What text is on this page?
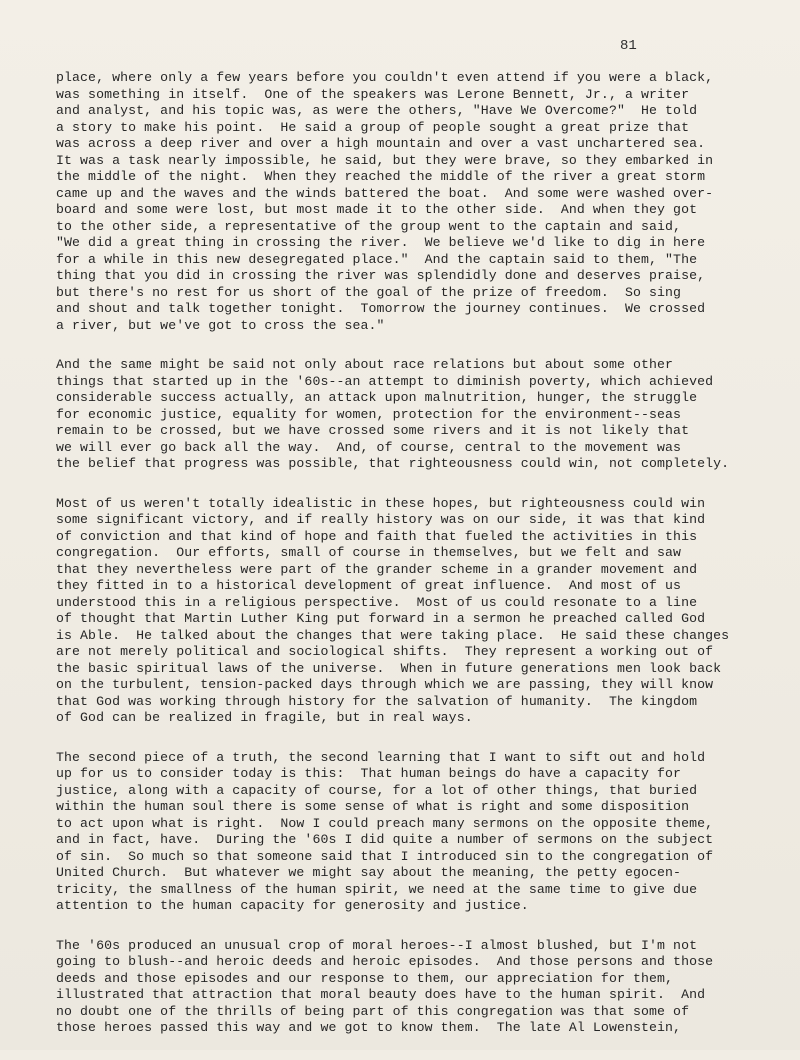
81
place, where only a few years before you couldn't even attend if you were a black,
was something in itself.  One of the speakers was Lerone Bennett, Jr., a writer
and analyst, and his topic was, as were the others, "Have We Overcome?"  He told
a story to make his point.  He said a group of people sought a great prize that
was across a deep river and over a high mountain and over a vast unchartered sea.
It was a task nearly impossible, he said, but they were brave, so they embarked in
the middle of the night.  When they reached the middle of the river a great storm
came up and the waves and the winds battered the boat.  And some were washed over-
board and some were lost, but most made it to the other side.  And when they got
to the other side, a representative of the group went to the captain and said,
"We did a great thing in crossing the river.  We believe we'd like to dig in here
for a while in this new desegregated place."  And the captain said to them, "The
thing that you did in crossing the river was splendidly done and deserves praise,
but there's no rest for us short of the goal of the prize of freedom.  So sing
and shout and talk together tonight.  Tomorrow the journey continues.  We crossed
a river, but we've got to cross the sea."
And the same might be said not only about race relations but about some other
things that started up in the '60s--an attempt to diminish poverty, which achieved
considerable success actually, an attack upon malnutrition, hunger, the struggle
for economic justice, equality for women, protection for the environment--seas
remain to be crossed, but we have crossed some rivers and it is not likely that
we will ever go back all the way.  And, of course, central to the movement was
the belief that progress was possible, that righteousness could win, not completely.
Most of us weren't totally idealistic in these hopes, but righteousness could win
some significant victory, and if really history was on our side, it was that kind
of conviction and that kind of hope and faith that fueled the activities in this
congregation.  Our efforts, small of course in themselves, but we felt and saw
that they nevertheless were part of the grander scheme in a grander movement and
they fitted in to a historical development of great influence.  And most of us
understood this in a religious perspective.  Most of us could resonate to a line
of thought that Martin Luther King put forward in a sermon he preached called God
is Able.  He talked about the changes that were taking place.  He said these changes
are not merely political and sociological shifts.  They represent a working out of
the basic spiritual laws of the universe.  When in future generations men look back
on the turbulent, tension-packed days through which we are passing, they will know
that God was working through history for the salvation of humanity.  The kingdom
of God can be realized in fragile, but in real ways.
The second piece of a truth, the second learning that I want to sift out and hold
up for us to consider today is this:  That human beings do have a capacity for
justice, along with a capacity of course, for a lot of other things, that buried
within the human soul there is some sense of what is right and some disposition
to act upon what is right.  Now I could preach many sermons on the opposite theme,
and in fact, have.  During the '60s I did quite a number of sermons on the subject
of sin.  So much so that someone said that I introduced sin to the congregation of
United Church.  But whatever we might say about the meaning, the petty egocen-
tricity, the smallness of the human spirit, we need at the same time to give due
attention to the human capacity for generosity and justice.
The '60s produced an unusual crop of moral heroes--I almost blushed, but I'm not
going to blush--and heroic deeds and heroic episodes.  And those persons and those
deeds and those episodes and our response to them, our appreciation for them,
illustrated that attraction that moral beauty does have to the human spirit.  And
no doubt one of the thrills of being part of this congregation was that some of
those heroes passed this way and we got to know them.  The late Al Lowenstein,
